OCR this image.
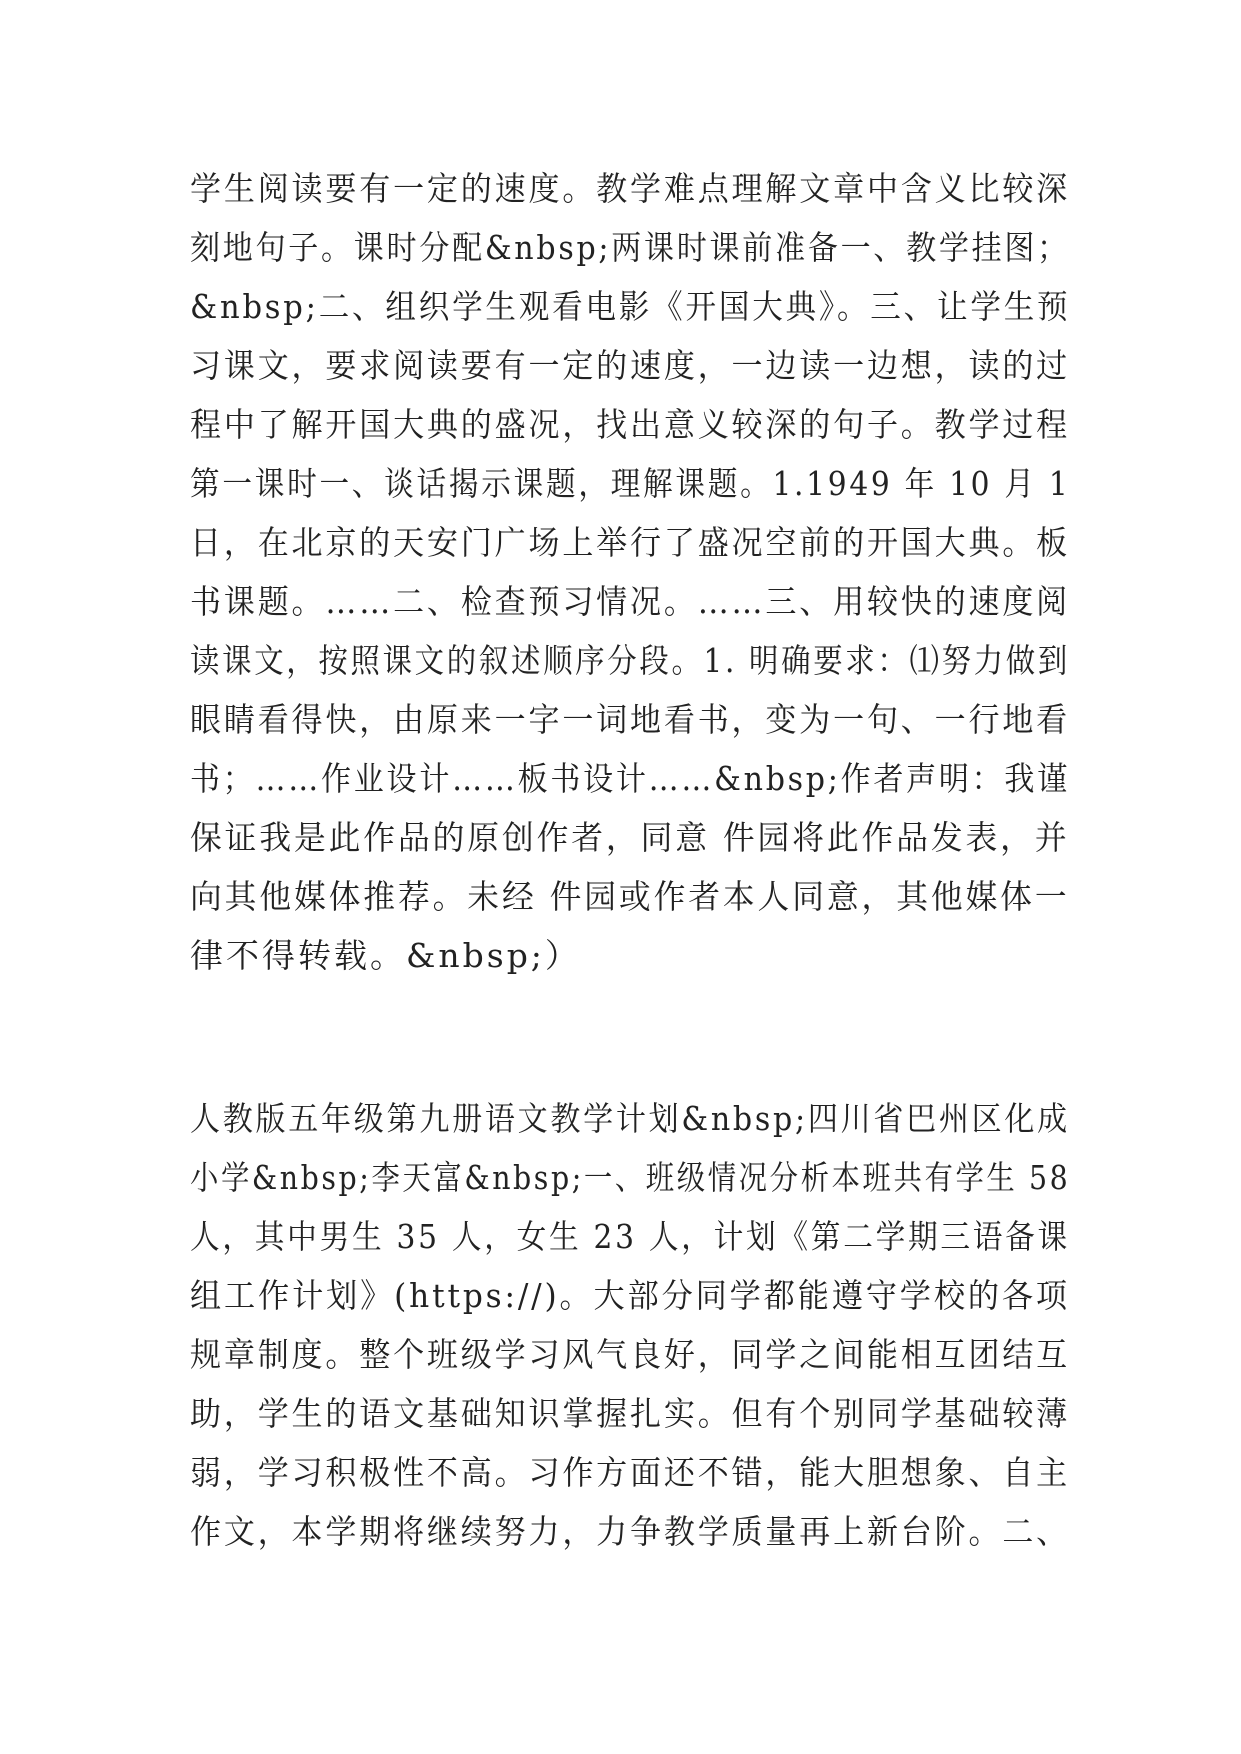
学生阅读要有一定的速度。教学难点理解文章中含义比较深
刻地句子。课时分配&nbsp;两课时课前准备一、教学挂图；
&nbsp;二、组织学生观看电影《开国大典》。三、让学生预
习课文，要求阅读要有一定的速度，一边读一边想，读的过
程中了解开国大典的盛况，找出意义较深的句子。教学过程
第一课时一、谈话揭示课题，理解课题。1.1949 年 10 月 1
日，在北京的天安门广场上举行了盛况空前的开国大典。板
书课题。……二、检查预习情况。……三、用较快的速度阅
读课文，按照课文的叙述顺序分段。1. 明确要求：⑴努力做到
眼睛看得快，由原来一字一词地看书，变为一句、一行地看
书；……作业设计……板书设计……&nbsp;作者声明：我谨
保证我是此作品的原创作者，同意 件园将此作品发表，并
向其他媒体推荐。未经 件园或作者本人同意，其他媒体一
律不得转载。&nbsp;）
人教版五年级第九册语文教学计划&nbsp;四川省巴州区化成
小学&nbsp;李天富&nbsp;一、班级情况分析本班共有学生 58
人，其中男生 35 人，女生 23 人，计划《第二学期三语备课
组工作计划》(https://)。大部分同学都能遵守学校的各项
规章制度。整个班级学习风气良好，同学之间能相互团结互
助，学生的语文基础知识掌握扎实。但有个别同学基础较薄
弱，学习积极性不高。习作方面还不错，能大胆想象、自主
作文，本学期将继续努力，力争教学质量再上新台阶。二、
